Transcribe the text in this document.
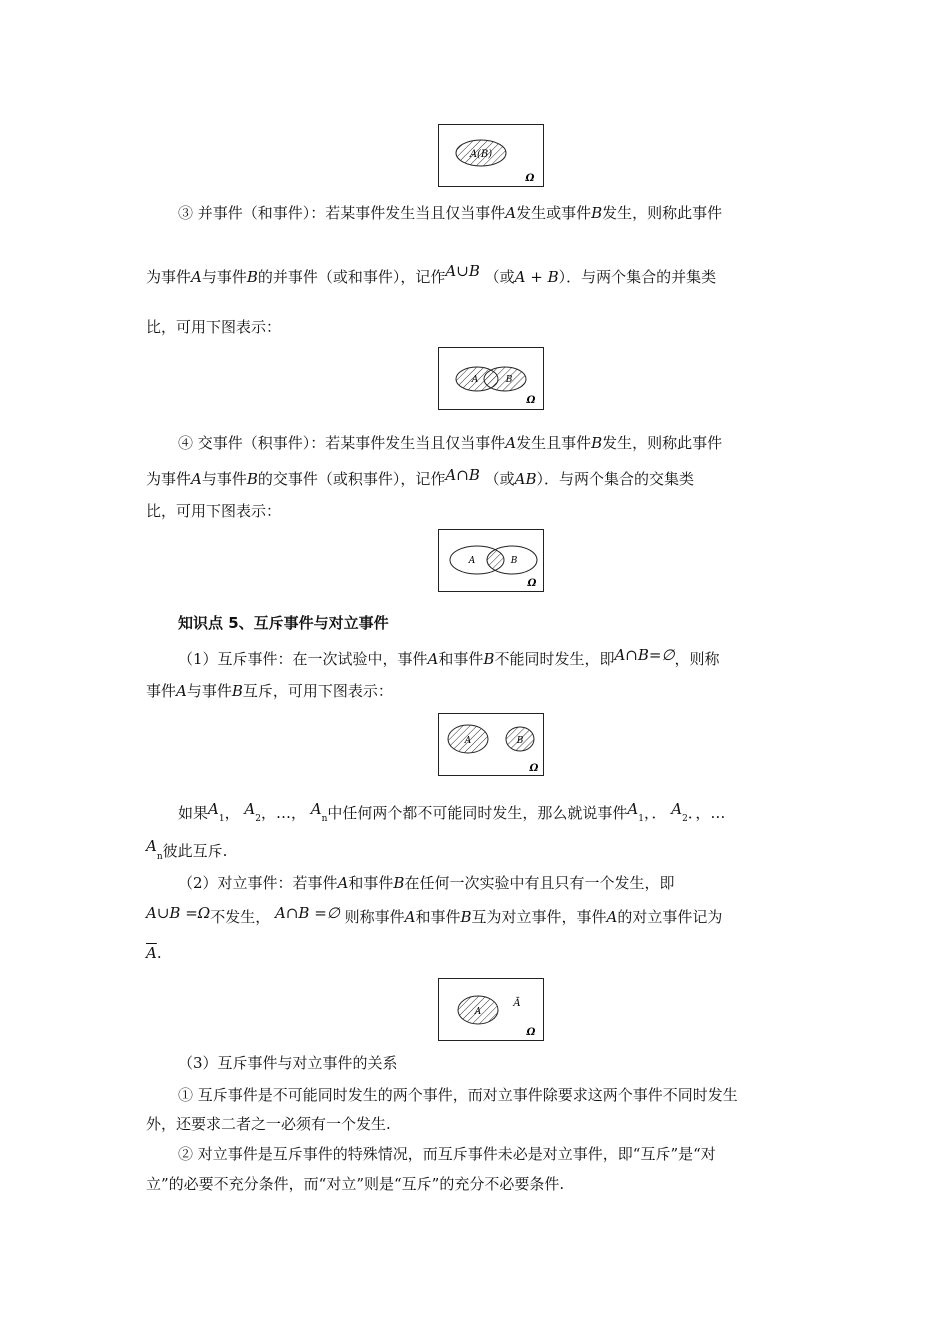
A(B)
Ω
③ 并事件（和事件）：若某事件发生当且仅当事件A发生或事件B发生，则称此事件
为事件A与事件B的并事件（或和事件），记作A∪B （或A + B）．与两个集合的并集类
比，可用下图表示：
A	B
Ω
④ 交事件（积事件）：若某事件发生当且仅当事件A发生且事件B发生，则称此事件
为事件A与事件B的交事件（或积事件），记作A∩B （或AB）．与两个集合的交集类
比，可用下图表示：
A	B
Ω
知识点 5、互斥事件与对立事件
（1）互斥事件：在一次试验中，事件A和事件B不能同时发生，即A∩B=∅，则称
事件A与事件B互斥，可用下图表示：
A	B
Ω
如果$A_1$， $A_2$，…， $A_n$中任何两个都不可能同时发生，那么就说事件$A_1$，． $A_2$．，…
$A_n$彼此互斥.
（2）对立事件：若事件A和事件B在任何一次实验中有且只有一个发生，即
A∪B =Ω不发生， A∩B =∅ 则称事件A和事件B互为对立事件，事件A的对立事件记为
$\overline{A}$.
A
Ā
Ω
（3）互斥事件与对立事件的关系
① 互斥事件是不可能同时发生的两个事件，而对立事件除要求这两个事件不同时发生
外，还要求二者之一必须有一个发生.
② 对立事件是互斥事件的特殊情况，而互斥事件未必是对立事件，即“互斥”是“对
立”的必要不充分条件，而“对立”则是“互斥”的充分不必要条件.
